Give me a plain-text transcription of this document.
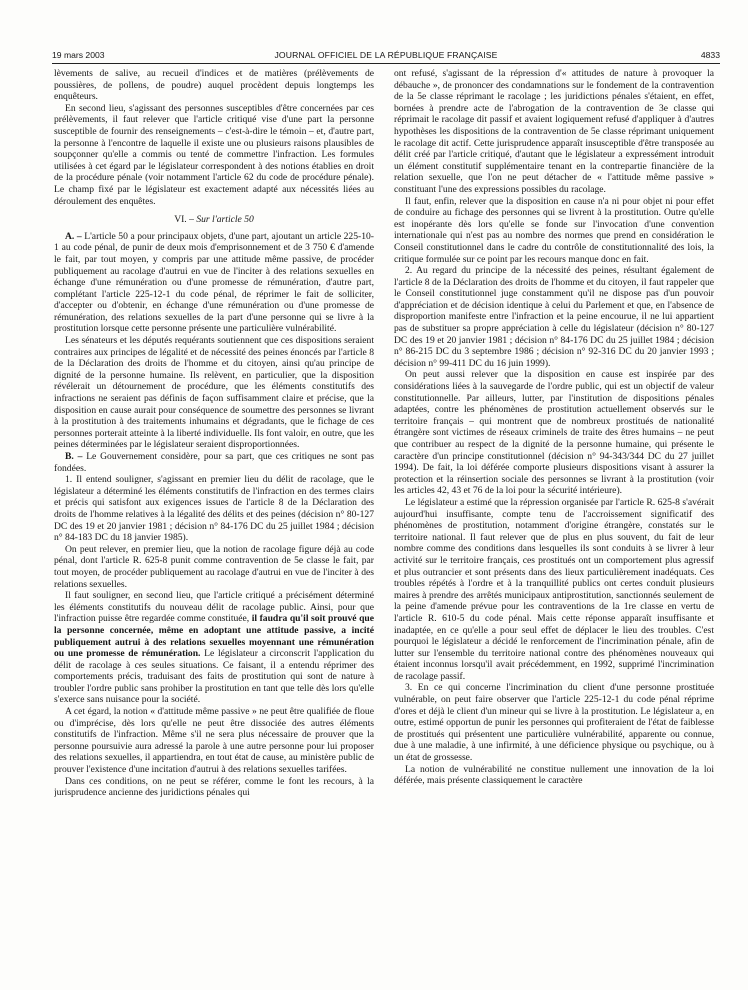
19 mars 2003	JOURNAL OFFICIEL DE LA RÉPUBLIQUE FRANÇAISE	4833

lèvements de salive, au recueil d'indices et de matières (prélèvements de poussières, de pollens, de poudre) auquel procèdent depuis longtemps les enquêteurs.

En second lieu, s'agissant des personnes susceptibles d'être concernées par ces prélèvements, il faut relever que l'article critiqué vise d'une part la personne susceptible de fournir des renseignements – c'est-à-dire le témoin – et, d'autre part, la personne à l'encontre de laquelle il existe une ou plusieurs raisons plausibles de soupçonner qu'elle a commis ou tenté de commettre l'infraction. Les formules utilisées à cet égard par le législateur correspondent à des notions établies en droit de la procédure pénale (voir notamment l'article 62 du code de procédure pénale). Le champ fixé par le législateur est exactement adapté aux nécessités liées au déroulement des enquêtes.

VI. – Sur l'article 50

A. – L'article 50 a pour principaux objets, d'une part, ajoutant un article 225-10-1 au code pénal, de punir de deux mois d'emprisonnement et de 3 750 € d'amende le fait, par tout moyen, y compris par une attitude même passive, de procéder publiquement au racolage d'autrui en vue de l'inciter à des relations sexuelles en échange d'une rémunération ou d'une promesse de rémunération, d'autre part, complétant l'article 225-12-1 du code pénal, de réprimer le fait de solliciter, d'accepter ou d'obtenir, en échange d'une rémunération ou d'une promesse de rémunération, des relations sexuelles de la part d'une personne qui se livre à la prostitution lorsque cette personne présente une particulière vulnérabilité.

Les sénateurs et les députés requérants soutiennent que ces dispositions seraient contraires aux principes de légalité et de nécessité des peines énoncés par l'article 8 de la Déclaration des droits de l'homme et du citoyen, ainsi qu'au principe de dignité de la personne humaine. Ils relèvent, en particulier, que la disposition révélerait un détournement de procédure, que les éléments constitutifs des infractions ne seraient pas définis de façon suffisamment claire et précise, que la disposition en cause aurait pour conséquence de soumettre des personnes se livrant à la prostitution à des traitements inhumains et dégradants, que le fichage de ces personnes porterait atteinte à la liberté individuelle. Ils font valoir, en outre, que les peines déterminées par le législateur seraient disproportionnées.

B. – Le Gouvernement considère, pour sa part, que ces critiques ne sont pas fondées.

1. Il entend souligner, s'agissant en premier lieu du délit de racolage, que le législateur a déterminé les éléments constitutifs de l'infraction en des termes clairs et précis qui satisfont aux exigences issues de l'article 8 de la Déclaration des droits de l'homme relatives à la légalité des délits et des peines (décision n° 80-127 DC des 19 et 20 janvier 1981 ; décision n° 84-176 DC du 25 juillet 1984 ; décision n° 84-183 DC du 18 janvier 1985).

On peut relever, en premier lieu, que la notion de racolage figure déjà au code pénal, dont l'article R. 625-8 punit comme contravention de 5e classe le fait, par tout moyen, de procéder publiquement au racolage d'autrui en vue de l'inciter à des relations sexuelles.

Il faut souligner, en second lieu, que l'article critiqué a précisément déterminé les éléments constitutifs du nouveau délit de racolage public. Ainsi, pour que l'infraction puisse être regardée comme constituée, il faudra qu'il soit prouvé que la personne concernée, même en adoptant une attitude passive, a incité publiquement autrui à des relations sexuelles moyennant une rémunération ou une promesse de rémunération. Le législateur a circonscrit l'application du délit de racolage à ces seules situations. Ce faisant, il a entendu réprimer des comportements précis, traduisant des faits de prostitution qui sont de nature à troubler l'ordre public sans prohiber la prostitution en tant que telle dès lors qu'elle s'exerce sans nuisance pour la société.

A cet égard, la notion « d'attitude même passive » ne peut être qualifiée de floue ou d'imprécise, dès lors qu'elle ne peut être dissociée des autres éléments constitutifs de l'infraction. Même s'il ne sera plus nécessaire de prouver que la personne poursuivie aura adressé la parole à une autre personne pour lui proposer des relations sexuelles, il appartiendra, en tout état de cause, au ministère public de prouver l'existence d'une incitation d'autrui à des relations sexuelles tarifées.

Dans ces conditions, on ne peut se référer, comme le font les recours, à la jurisprudence ancienne des juridictions pénales qui

ont refusé, s'agissant de la répression d'« attitudes de nature à provoquer la débauche », de prononcer des condamnations sur le fondement de la contravention de la 5e classe réprimant le racolage ; les juridictions pénales s'étaient, en effet, bornées à prendre acte de l'abrogation de la contravention de 3e classe qui réprimait le racolage dit passif et avaient logiquement refusé d'appliquer à d'autres hypothèses les dispositions de la contravention de 5e classe réprimant uniquement le racolage dit actif. Cette jurisprudence apparaît insusceptible d'être transposée au délit créé par l'article critiqué, d'autant que le législateur a expressément introduit un élément constitutif supplémentaire tenant en la contrepartie financière de la relation sexuelle, que l'on ne peut détacher de « l'attitude même passive » constituant l'une des expressions possibles du racolage.

Il faut, enfin, relever que la disposition en cause n'a ni pour objet ni pour effet de conduire au fichage des personnes qui se livrent à la prostitution. Outre qu'elle est inopérante dès lors qu'elle se fonde sur l'invocation d'une convention internationale qui n'est pas au nombre des normes que prend en considération le Conseil constitutionnel dans le cadre du contrôle de constitutionnalité des lois, la critique formulée sur ce point par les recours manque donc en fait.

2. Au regard du principe de la nécessité des peines, résultant également de l'article 8 de la Déclaration des droits de l'homme et du citoyen, il faut rappeler que le Conseil constitutionnel juge constamment qu'il ne dispose pas d'un pouvoir d'appréciation et de décision identique à celui du Parlement et que, en l'absence de disproportion manifeste entre l'infraction et la peine encourue, il ne lui appartient pas de substituer sa propre appréciation à celle du législateur (décision n° 80-127 DC des 19 et 20 janvier 1981 ; décision n° 84-176 DC du 25 juillet 1984 ; décision n° 86-215 DC du 3 septembre 1986 ; décision n° 92-316 DC du 20 janvier 1993 ; décision n° 99-411 DC du 16 juin 1999).

On peut aussi relever que la disposition en cause est inspirée par des considérations liées à la sauvegarde de l'ordre public, qui est un objectif de valeur constitutionnelle. Par ailleurs, lutter, par l'institution de dispositions pénales adaptées, contre les phénomènes de prostitution actuellement observés sur le territoire français – qui montrent que de nombreux prostitués de nationalité étrangère sont victimes de réseaux criminels de traite des êtres humains – ne peut que contribuer au respect de la dignité de la personne humaine, qui présente le caractère d'un principe constitutionnel (décision n° 94-343/344 DC du 27 juillet 1994). De fait, la loi déférée comporte plusieurs dispositions visant à assurer la protection et la réinsertion sociale des personnes se livrant à la prostitution (voir les articles 42, 43 et 76 de la loi pour la sécurité intérieure).

Le législateur a estimé que la répression organisée par l'article R. 625-8 s'avérait aujourd'hui insuffisante, compte tenu de l'accroissement significatif des phénomènes de prostitution, notamment d'origine étrangère, constatés sur le territoire national. Il faut relever que de plus en plus souvent, du fait de leur nombre comme des conditions dans lesquelles ils sont conduits à se livrer à leur activité sur le territoire français, ces prostitués ont un comportement plus agressif et plus outrancier et sont présents dans des lieux particulièrement inadéquats. Ces troubles répétés à l'ordre et à la tranquillité publics ont certes conduit plusieurs maires à prendre des arrêtés municipaux antiprostitution, sanctionnés seulement de la peine d'amende prévue pour les contraventions de la 1re classe en vertu de l'article R. 610-5 du code pénal. Mais cette réponse apparaît insuffisante et inadaptée, en ce qu'elle a pour seul effet de déplacer le lieu des troubles. C'est pourquoi le législateur a décidé le renforcement de l'incrimination pénale, afin de lutter sur l'ensemble du territoire national contre des phénomènes nouveaux qui étaient inconnus lorsqu'il avait précédemment, en 1992, supprimé l'incrimination de racolage passif.

3. En ce qui concerne l'incrimination du client d'une personne prostituée vulnérable, on peut faire observer que l'article 225-12-1 du code pénal réprime d'ores et déjà le client d'un mineur qui se livre à la prostitution. Le législateur a, en outre, estimé opportun de punir les personnes qui profiteraient de l'état de faiblesse de prostitués qui présentent une particulière vulnérabilité, apparente ou connue, due à une maladie, à une infirmité, à une déficience physique ou psychique, ou à un état de grossesse.

La notion de vulnérabilité ne constitue nullement une innovation de la loi déférée, mais présente classiquement le caractère
